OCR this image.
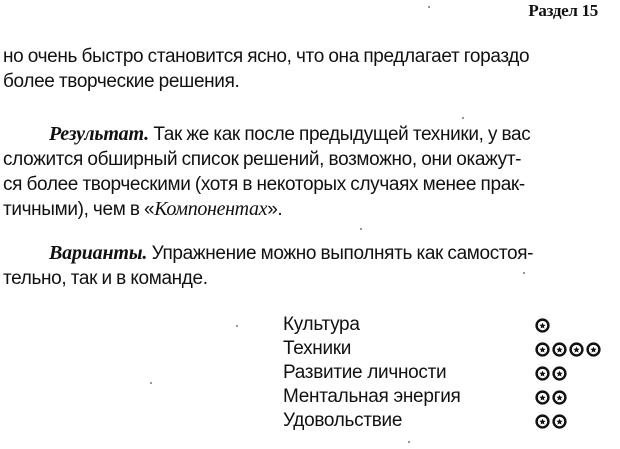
Раздел 15
но очень быстро становится ясно, что она предлагает гораздо
более творческие решения.
Результат. Так же как после предыдущей техники, у вас
сложится обширный список решений, возможно, они окажут-
ся более творческими (хотя в некоторых случаях менее прак-
тичными), чем в «Компонентах».
Варианты. Упражнение можно выполнять как самостоя-
тельно, так и в команде.
Культура
Техники
Развитие личности
Ментальная энергия
Удовольствие
